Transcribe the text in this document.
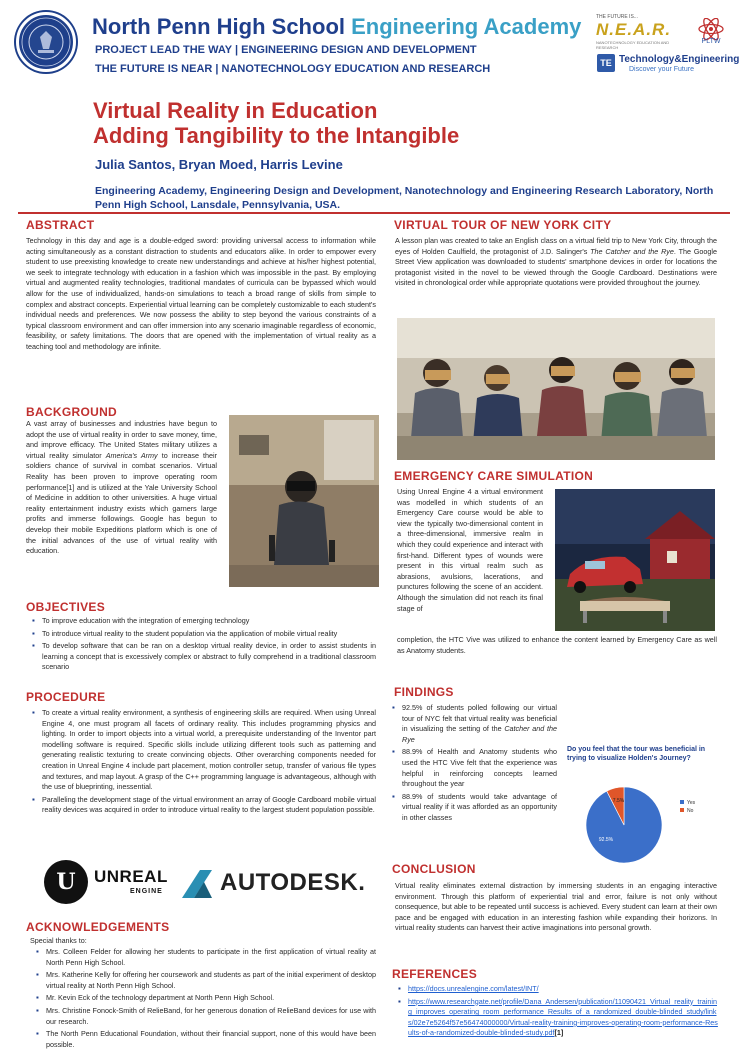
North Penn High School Engineering Academy
PROJECT LEAD THE WAY | ENGINEERING DESIGN AND DEVELOPMENT
THE FUTURE IS NEAR | NANOTECHNOLOGY EDUCATION AND RESEARCH
THE FUTURE IS...
N.E.A.R.
NANOTECHNOLOGY EDUCATION AND RESEARCH
PLTW
TE Technology&Engineering
Discover your Future
Virtual Reality in Education
Adding Tangibility to the Intangible
Julia Santos, Bryan Moed, Harris Levine
Engineering Academy, Engineering Design and Development, Nanotechnology and Engineering Research Laboratory, North Penn High School, Lansdale, Pennsylvania, USA.
ABSTRACT
Technology in this day and age is a double-edged sword: providing universal access to information while acting simultaneously as a constant distraction to students and educators alike. In order to empower every student to use preexisting knowledge to create new understandings and achieve at his/her highest potential, we seek to integrate technology with education in a fashion which was impossible in the past. By employing virtual and augmented reality technologies, traditional mandates of curricula can be bypassed which would allow for the use of individualized, hands-on simulations to teach a broad range of skills from simple to complex and abstract concepts. Experiential virtual learning can be completely customizable to each student's individual needs and preferences. We now possess the ability to step beyond the various constraints of a typical classroom environment and can offer immersion into any scenario imaginable regardless of economic, feasibility, or safety limitations. The doors that are opened with the implementation of virtual reality as a teaching tool and methodology are infinite.
BACKGROUND
A vast array of businesses and industries have begun to adopt the use of virtual reality in order to save money, time, and improve efficacy. The United States military utilizes a virtual reality simulator America's Army to increase their soldiers chance of survival in combat scenarios. Virtual Reality has been proven to improve operating room performance[1] and is utilized at the Yale University School of Medicine in addition to other universities. A huge virtual reality entertainment industry exists which garners large profits and immerse followings. Google has begun to develop their mobile Expeditions platform which is one of the initial advances of the use of virtual reality with education.
OBJECTIVES
▪ To improve education with the integration of emerging technology
▪ To introduce virtual reality to the student population via the application of mobile virtual reality
▪ To develop software that can be ran on a desktop virtual reality device, in order to assist students in learning a concept that is excessively complex or abstract to fully comprehend in a traditional classroom scenario
PROCEDURE
▪ To create a virtual reality environment, a synthesis of engineering skills are required. When using Unreal Engine 4, one must program all facets of ordinary reality. This includes programming physics and lighting. In order to import objects into a virtual world, a prerequisite understanding of the Inventor part modelling software is required. Specific skills include utilizing different tools such as patterning and generating realistic texturing to create convincing objects. Other overarching components needed for creation in Unreal Engine 4 include part placement, motion controller setup, transfer of various file types and textures, and map layout. A grasp of the C++ programming language is advantageous, although with the use of blueprinting, inessential.
▪ Paralleling the development stage of the virtual environment an array of Google Cardboard mobile virtual reality devices was acquired in order to introduce virtual reality to the largest student population possible.
U	UNREAL
ENGINE AUTODESK.
ACKNOWLEDGEMENTS
Special thanks to:
▪ Mrs. Colleen Felder for allowing her students to participate in the first application of virtual reality at North Penn High School.
▪ Mrs. Katherine Kelly for offering her coursework and students as part of the initial experiment of desktop virtual reality at North Penn High School.
▪ Mr. Kevin Eck of the technology department at North Penn High School.
▪ Mrs. Christine Fonock-Smith of RelieBand, for her generous donation of RelieBand devices for use with our research.
▪ The North Penn Educational Foundation, without their financial support, none of this would have been possible.
VIRTUAL TOUR OF NEW YORK CITY
A lesson plan was created to take an English class on a virtual field trip to New York City, through the eyes of Holden Caulfield, the protagonist of J.D. Salinger's The Catcher and the Rye. The Google Street View application was downloaded to students' smartphone devices in order for locations the protagonist visited in the novel to be viewed through the Google Cardboard. Destinations were visited in chronological order while appropriate quotations were provided throughout the journey.
EMERGENCY CARE SIMULATION
Using Unreal Engine 4 a virtual environment was modelled in which students of an Emergency Care course would be able to view the typically two-dimensional content in a three-dimensional, immersive realm in which they could experience and interact with first-hand. Different types of wounds were present in this virtual realm such as abrasions, avulsions, lacerations, and punctures following the scene of an accident. Although the simulation did not reach its final stage of
completion, the HTC Vive was utilized to enhance the content learned by Emergency Care as well as Anatomy students.
FINDINGS
▪ 92.5% of students polled following our virtual tour of NYC felt that virtual reality was beneficial in visualizing the setting of the Catcher and the Rye
▪ 88.9% of Health and Anatomy students who used the HTC Vive felt that the experience was helpful in reinforcing concepts learned throughout the year
▪ 88.9% of students would take advantage of virtual reality if it was afforded as an opportunity in other classes
Do you feel that the tour was beneficial in trying to visualize Holden's Journey?
92.5%
7.5%	Yes
No
CONCLUSION
Virtual reality eliminates external distraction by immersing students in an engaging interactive environment. Through this platform of experiential trial and error, failure is not only without consequence, but able to be repeated until success is achieved. Every student can learn at their own pace and be engaged with education in an interesting fashion while expanding their horizons. In virtual reality students can harvest their active imaginations into personal growth.
REFERENCES
▪ https://docs.unrealengine.com/latest/INT/
▪ https://www.researchgate.net/profile/Dana_Andersen/publication/11090421_Virtual_reality_training_improves_operating_room_performance_Results_of_a_randomized_double-blinded_study/links/02e7e5264f57e56474000000/Virtual-reality-training-improves-operating-room-performance-Results-of-a-randomized-double-blinded-study.pdf[1]
